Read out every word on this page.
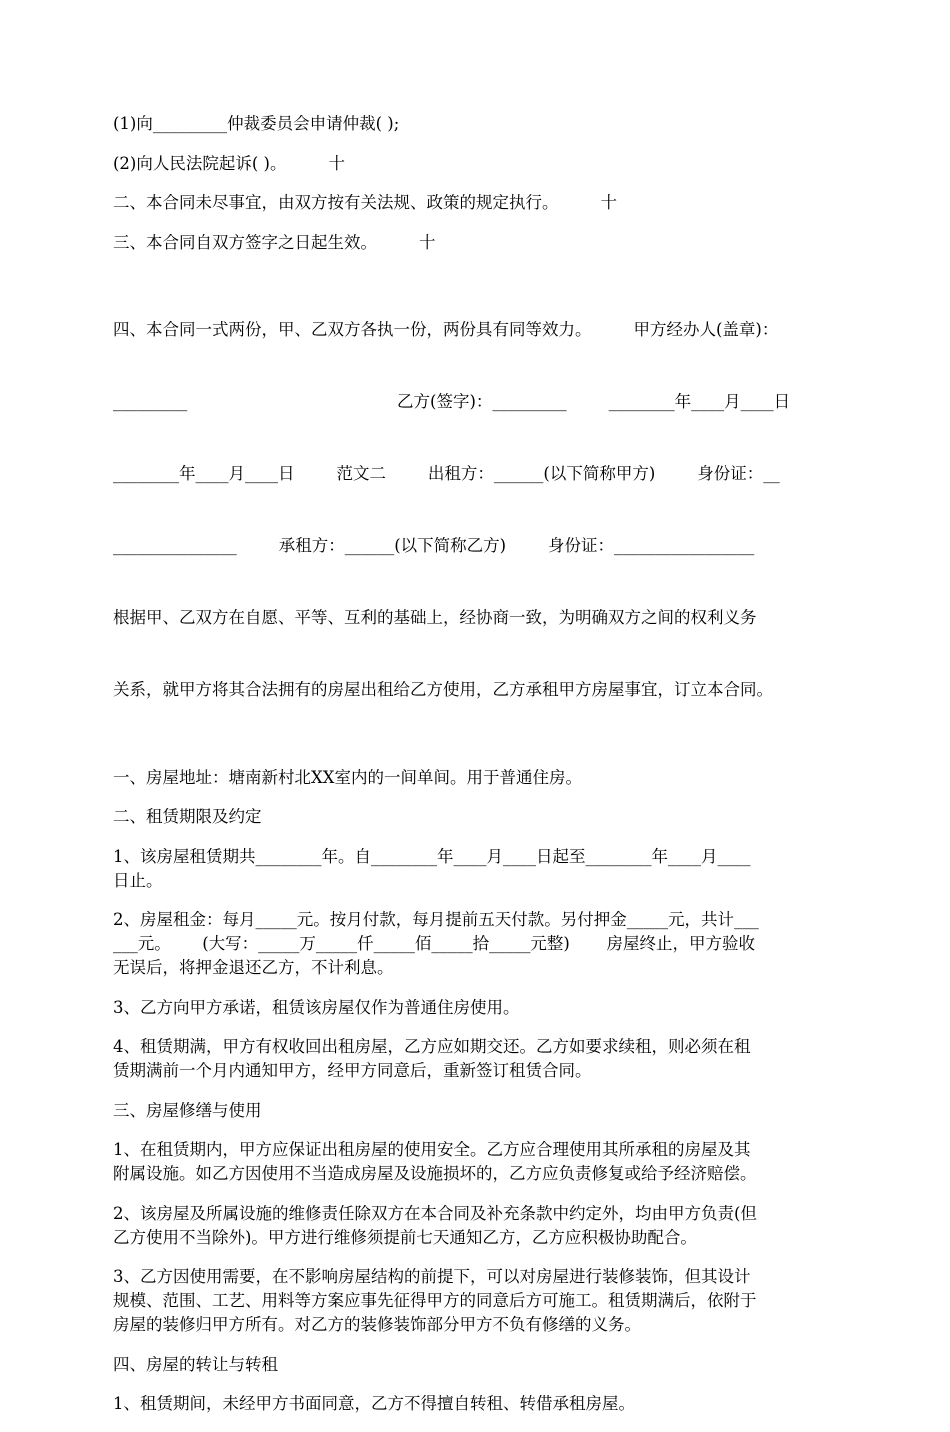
(1)向_________仲裁委员会申请仲裁( );

(2)向人民法院起诉( )。        十

二、本合同未尽事宜，由双方按有关法规、政策的规定执行。        十

三、本合同自双方签字之日起生效。        十

四、本合同一式两份，甲、乙双方各执一份，两份具有同等效力。        甲方经办人(盖章)：

_________                                        乙方(签字)：_________        ________年____月____日

________年____月____日        范文二        出租方：______(以下简称甲方)        身份证：__

_______________        承租方：______(以下简称乙方)        身份证：_________________

根据甲、乙双方在自愿、平等、互利的基础上，经协商一致，为明确双方之间的权利义务

关系，就甲方将其合法拥有的房屋出租给乙方使用，乙方承租甲方房屋事宜，订立本合同。

一、房屋地址：塘南新村北XX室内的一间单间。用于普通住房。

二、租赁期限及约定

1、该房屋租赁期共________年。自________年____月____日起至________年____月____
日止。

2、房屋租金：每月_____元。按月付款，每月提前五天付款。另付押金_____元，共计___
___元。      (大写：_____万_____仟_____佰_____拾_____元整)       房屋终止，甲方验收
无误后，将押金退还乙方，不计利息。

3、乙方向甲方承诺，租赁该房屋仅作为普通住房使用。

4、租赁期满，甲方有权收回出租房屋，乙方应如期交还。乙方如要求续租，则必须在租
赁期满前一个月内通知甲方，经甲方同意后，重新签订租赁合同。

三、房屋修缮与使用

1、在租赁期内，甲方应保证出租房屋的使用安全。乙方应合理使用其所承租的房屋及其
附属设施。如乙方因使用不当造成房屋及设施损坏的，乙方应负责修复或给予经济赔偿。

2、该房屋及所属设施的维修责任除双方在本合同及补充条款中约定外，均由甲方负责(但
乙方使用不当除外)。甲方进行维修须提前七天通知乙方，乙方应积极协助配合。

3、乙方因使用需要，在不影响房屋结构的前提下，可以对房屋进行装修装饰，但其设计
规模、范围、工艺、用料等方案应事先征得甲方的同意后方可施工。租赁期满后，依附于
房屋的装修归甲方所有。对乙方的装修装饰部分甲方不负有修缮的义务。

四、房屋的转让与转租

1、租赁期间，未经甲方书面同意，乙方不得擅自转租、转借承租房屋。
